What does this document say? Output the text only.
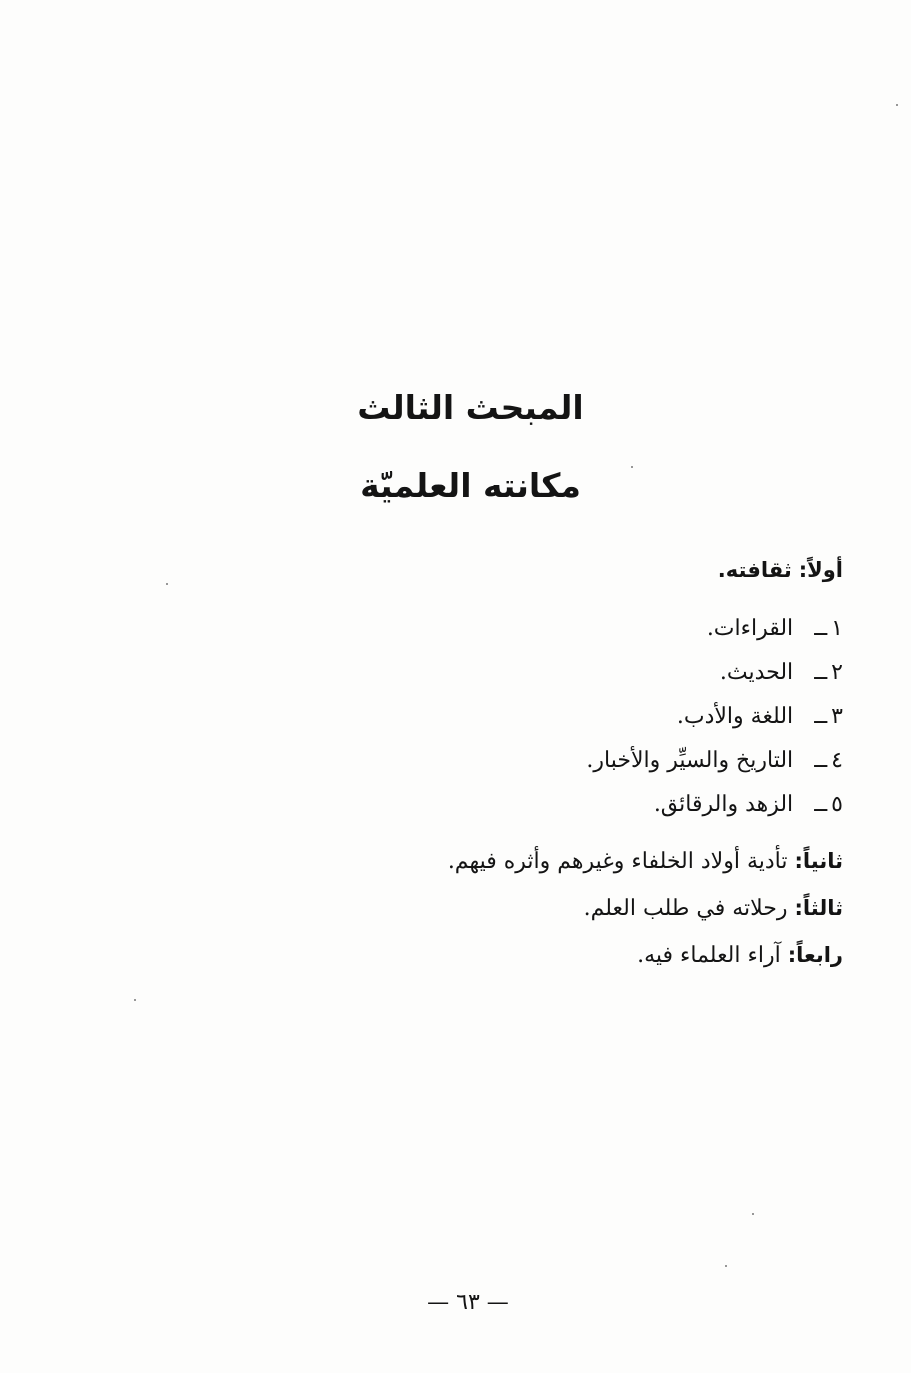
المبحث الثالث
مكانته العلميّة
أولاً: ثقافته.
١ــالقراءات.
٢ــالحديث.
٣ــاللغة والأدب.
٤ــالتاريخ والسيِّر والأخبار.
٥ــالزهد والرقائق.
ثانياً: تأدية أولاد الخلفاء وغيرهم وأثره فيهم.
ثالثاً: رحلاته في طلب العلم.
رابعاً: آراء العلماء فيه.
— ٦٣ —
